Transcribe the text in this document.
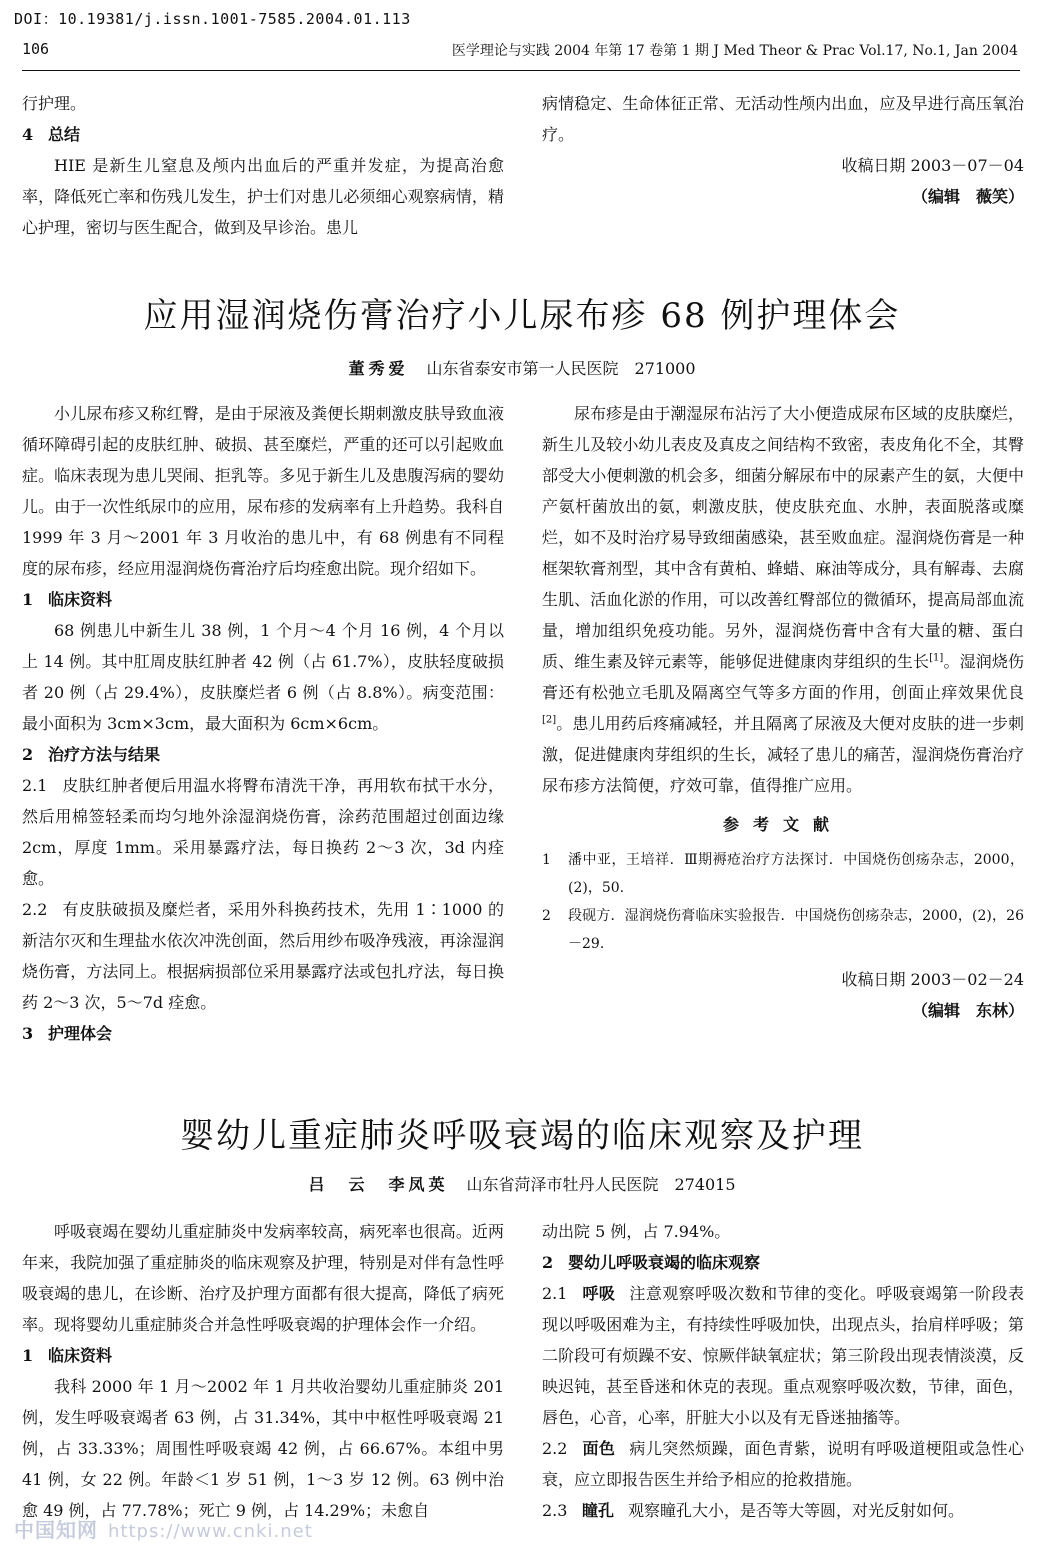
DOI：10.19381/j.issn.1001-7585.2004.01.113
106	医学理论与实践 2004 年第 17 卷第 1 期 J Med Theor & Prac Vol.17, No.1, Jan 2004

行护理。

4 总结

HIE 是新生儿窒息及颅内出血后的严重并发症，为提高治愈率，降低死亡率和伤残儿发生，护士们对患儿必须细心观察病情，精心护理，密切与医生配合，做到及早诊治。患儿

病情稳定、生命体征正常、无活动性颅内出血，应及早进行高压氧治疗。

收稿日期 2003－07－04

（编辑　薇笑）

应用湿润烧伤膏治疗小儿尿布疹 68 例护理体会
董秀爱 山东省泰安市第一人民医院　271000

小儿尿布疹又称红臀，是由于尿液及粪便长期刺激皮肤导致血液循环障碍引起的皮肤红肿、破损、甚至糜烂，严重的还可以引起败血症。临床表现为患儿哭闹、拒乳等。多见于新生儿及患腹泻病的婴幼儿。由于一次性纸尿巾的应用，尿布疹的发病率有上升趋势。我科自 1999 年 3 月～2001 年 3 月收治的患儿中，有 68 例患有不同程度的尿布疹，经应用湿润烧伤膏治疗后均痊愈出院。现介绍如下。

1 临床资料

68 例患儿中新生儿 38 例，1 个月～4 个月 16 例，4 个月以上 14 例。其中肛周皮肤红肿者 42 例（占 61.7%），皮肤轻度破损者 20 例（占 29.4%），皮肤糜烂者 6 例（占 8.8%）。病变范围：最小面积为 3cm×3cm，最大面积为 6cm×6cm。

2 治疗方法与结果

2.1 皮肤红肿者便后用温水将臀布清洗干净，再用软布拭干水分，然后用棉签轻柔而均匀地外涂湿润烧伤膏，涂药范围超过创面边缘 2cm，厚度 1mm。采用暴露疗法，每日换药 2～3 次，3d 内痊愈。

2.2 有皮肤破损及糜烂者，采用外科换药技术，先用 1∶1000 的新洁尔灭和生理盐水依次冲洗创面，然后用纱布吸净残液，再涂湿润烧伤膏，方法同上。根据病损部位采用暴露疗法或包扎疗法，每日换药 2～3 次，5～7d 痊愈。

3 护理体会

尿布疹是由于潮湿尿布沾污了大小便造成尿布区域的皮肤糜烂，新生儿及较小幼儿表皮及真皮之间结构不致密，表皮角化不全，其臀部受大小便刺激的机会多，细菌分解尿布中的尿素产生的氨，大便中产氨杆菌放出的氨，刺激皮肤，使皮肤充血、水肿，表面脱落或糜烂，如不及时治疗易导致细菌感染，甚至败血症。湿润烧伤膏是一种框架软膏剂型，其中含有黄柏、蜂蜡、麻油等成分，具有解毒、去腐生肌、活血化淤的作用，可以改善红臀部位的微循环，提高局部血流量，增加组织免疫功能。另外，湿润烧伤膏中含有大量的糖、蛋白质、维生素及锌元素等，能够促进健康肉芽组织的生长[1]。湿润烧伤膏还有松弛立毛肌及隔离空气等多方面的作用，创面止痒效果优良[2]。患儿用药后疼痛减轻，并且隔离了尿液及大便对皮肤的进一步刺激，促进健康肉芽组织的生长，减轻了患儿的痛苦，湿润烧伤膏治疗尿布疹方法简便，疗效可靠，值得推广应用。

参考文献

1 潘中亚，王培祥．Ⅲ期褥疮治疗方法探讨．中国烧伤创疡杂志，2000，(2)，50.

2 段砚方．湿润烧伤膏临床实验报告．中国烧伤创疡杂志，2000，(2)，26－29.

收稿日期 2003－02－24

（编辑　东林）

婴幼儿重症肺炎呼吸衰竭的临床观察及护理
吕　云　李凤英 山东省菏泽市牡丹人民医院　274015

呼吸衰竭在婴幼儿重症肺炎中发病率较高，病死率也很高。近两年来，我院加强了重症肺炎的临床观察及护理，特别是对伴有急性呼吸衰竭的患儿，在诊断、治疗及护理方面都有很大提高，降低了病死率。现将婴幼儿重症肺炎合并急性呼吸衰竭的护理体会作一介绍。

1 临床资料

我科 2000 年 1 月～2002 年 1 月共收治婴幼儿重症肺炎 201 例，发生呼吸衰竭者 63 例，占 31.34%，其中中枢性呼吸衰竭 21 例，占 33.33%；周围性呼吸衰竭 42 例，占 66.67%。本组中男 41 例，女 22 例。年龄＜1 岁 51 例，1～3 岁 12 例。63 例中治愈 49 例，占 77.78%；死亡 9 例，占 14.29%；未愈自

动出院 5 例，占 7.94%。

2 婴幼儿呼吸衰竭的临床观察

2.1 呼吸 注意观察呼吸次数和节律的变化。呼吸衰竭第一阶段表现以呼吸困难为主，有持续性呼吸加快，出现点头，抬肩样呼吸；第二阶段可有烦躁不安、惊厥伴缺氧症状；第三阶段出现表情淡漠，反映迟钝，甚至昏迷和休克的表现。重点观察呼吸次数，节律，面色，唇色，心音，心率，肝脏大小以及有无昏迷抽搐等。

2.2 面色 病儿突然烦躁，面色青紫，说明有呼吸道梗阻或急性心衰，应立即报告医生并给予相应的抢救措施。

2.3 瞳孔 观察瞳孔大小，是否等大等圆，对光反射如何。

中国知网 https://www.cnki.net
